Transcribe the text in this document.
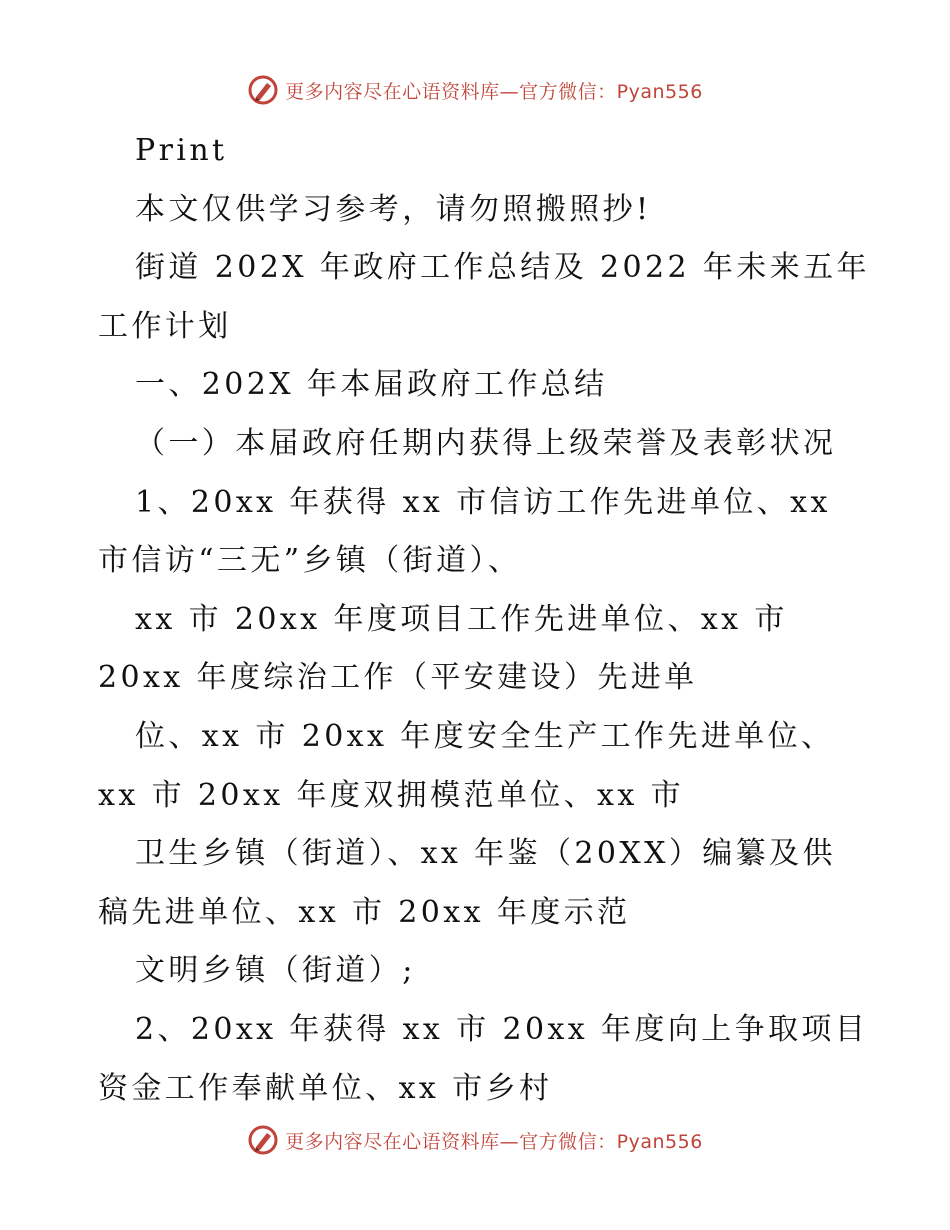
更多内容尽在心语资料库—官方微信：Pyan556
Print
本文仅供学习参考，请勿照搬照抄!
街道 202X 年政府工作总结及 2022 年未来五年
工作计划
一、202X 年本届政府工作总结
（一）本届政府任期内获得上级荣誉及表彰状况
1、20xx 年获得 xx 市信访工作先进单位、xx
市信访“三无”乡镇（街道）、
xx 市 20xx 年度项目工作先进单位、xx 市
20xx 年度综治工作（平安建设）先进单
位、xx 市 20xx 年度安全生产工作先进单位、
xx 市 20xx 年度双拥模范单位、xx 市
卫生乡镇（街道）、xx 年鉴（20XX）编纂及供
稿先进单位、xx 市 20xx 年度示范
文明乡镇（街道）;
2、20xx 年获得 xx 市 20xx 年度向上争取项目
资金工作奉献单位、xx 市乡村
更多内容尽在心语资料库—官方微信：Pyan556
